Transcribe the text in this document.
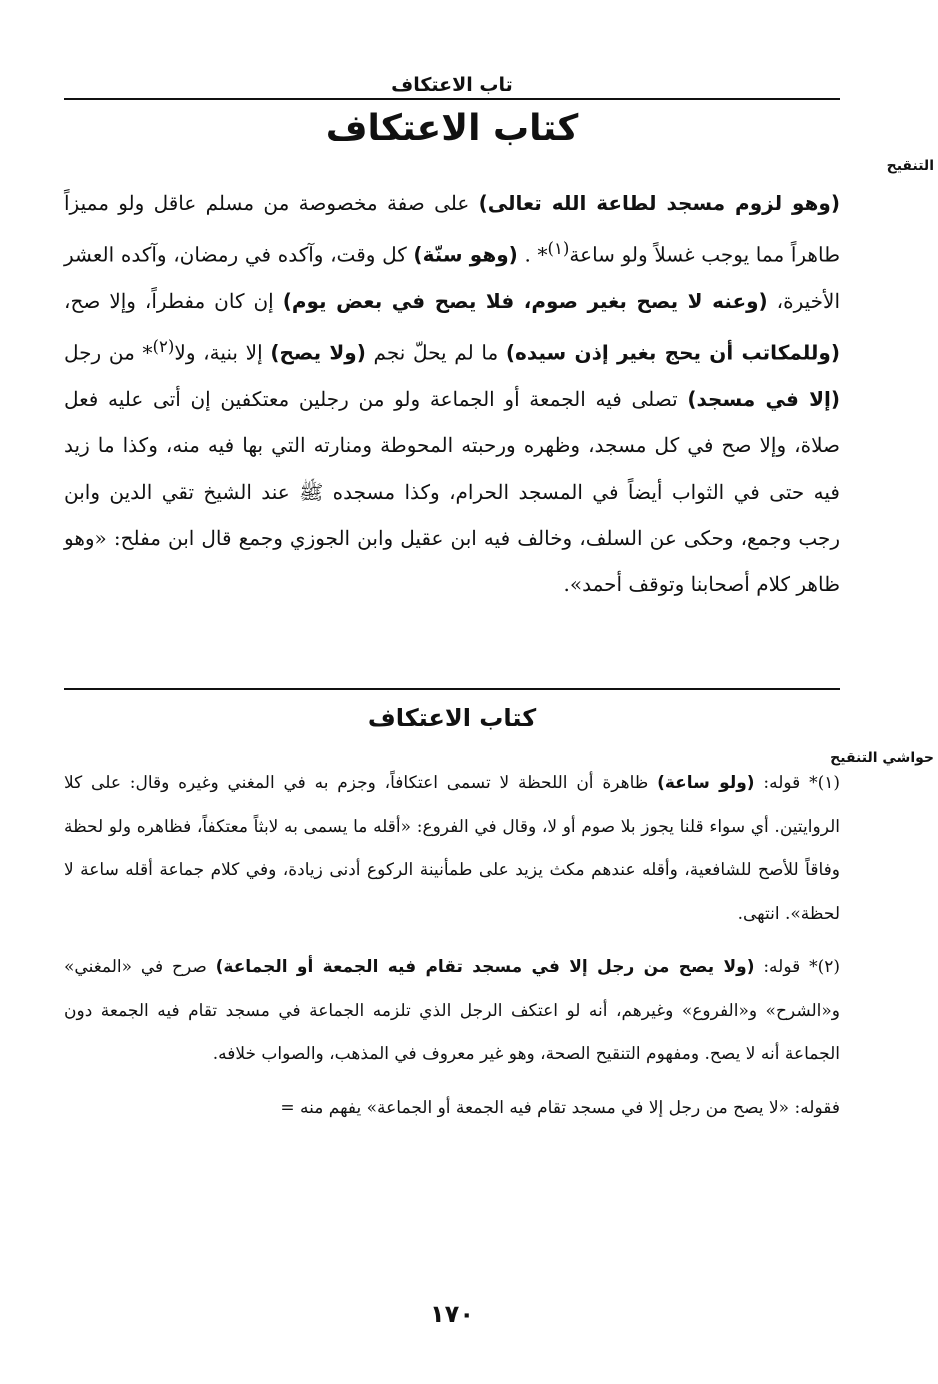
تاب الاعتكاف
التنقيح
كتاب الاعتكاف
(وهو لزوم مسجد لطاعة الله تعالى) على صفة مخصوصة من مسلم عاقل ولو مميزاً طاهراً مما يوجب غسلاً ولو ساعة$^{(١)}$* . (وهو سنّة) كل وقت، وآكده في رمضان، وآكده العشر الأخيرة، (وعنه لا يصح بغير صوم، فلا يصح في بعض يوم) إن كان مفطراً، وإلا صح، (وللمكاتب أن يحج بغير إذن سيده) ما لم يحلّ نجم (ولا يصح) إلا بنية، ولا$^{(٢)}$* من رجل (إلا في مسجد) تصلى فيه الجمعة أو الجماعة ولو من رجلين معتكفين إن أتى عليه فعل صلاة، وإلا صح في كل مسجد، وظهره ورحبته المحوطة ومنارته التي بها فيه منه، وكذا ما زيد فيه حتى في الثواب أيضاً في المسجد الحرام، وكذا مسجده ﷺ عند الشيخ تقي الدين وابن رجب وجمع، وحكى عن السلف، وخالف فيه ابن عقيل وابن الجوزي وجمع قال ابن مفلح: «وهو ظاهر كلام أصحابنا وتوقف أحمد».
كتاب الاعتكاف
حواشي التنقيح

(١)* قوله: (ولو ساعة) ظاهرة أن اللحظة لا تسمى اعتكافاً، وجزم به في المغني وغيره وقال: على كلا الروايتين. أي سواء قلنا يجوز بلا صوم أو لا، وقال في الفروع: «أقله ما يسمى به لابثاً معتكفاً، فظاهره ولو لحظة وفاقاً للأصح للشافعية، وأقله عندهم مكث يزيد على طمأنينة الركوع أدنى زيادة، وفي كلام جماعة أقله ساعة لا لحظة». انتهى.

(٢)* قوله: (ولا يصح من رجل إلا في مسجد تقام فيه الجمعة أو الجماعة) صرح في «المغني» و«الشرح» و«الفروع» وغيرهم، أنه لو اعتكف الرجل الذي تلزمه الجماعة في مسجد تقام فيه الجمعة دون الجماعة أنه لا يصح. ومفهوم التنقيح الصحة، وهو غير معروف في المذهب، والصواب خلافه.

فقوله: «لا يصح من رجل إلا في مسجد تقام فيه الجمعة أو الجماعة» يفهم منه =

١٧٠
